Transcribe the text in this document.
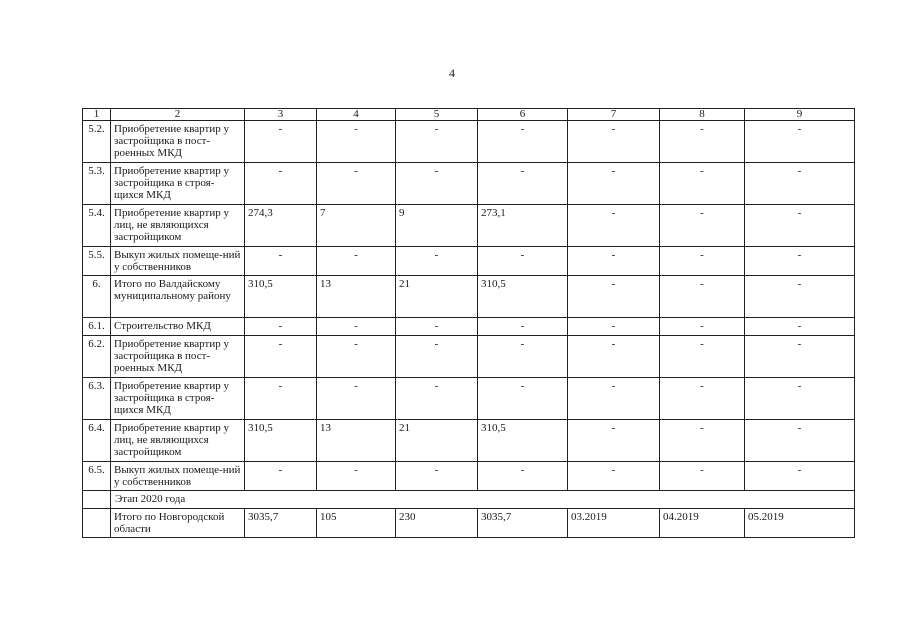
4
1	2	3	4	5	6	7	8	9
5.2.	Приобретение квартир у застройщика в пост-роенных МКД	-	-	-	-	-	-	-
5.3.	Приобретение квартир у застройщика в строя-щихся МКД	-	-	-	-	-	-	-
5.4.	Приобретение квартир у лиц, не являющихся застройщиком	274,3	7	9	273,1	-	-	-
5.5.	Выкуп жилых помеще-ний у собственников	-	-	-	-	-	-	-
6.	Итого по Валдайскому муниципальному району	310,5	13	21	310,5	-	-	-
6.1.	Строительство МКД	-	-	-	-	-	-	-
6.2.	Приобретение квартир у застройщика в пост-роенных МКД	-	-	-	-	-	-	-
6.3.	Приобретение квартир у застройщика в строя-щихся МКД	-	-	-	-	-	-	-
6.4.	Приобретение квартир у лиц, не являющихся застройщиком	310,5	13	21	310,5	-	-	-
6.5.	Выкуп жилых помеще-ний у собственников	-	-	-	-	-	-	-
	Этап 2020 года							
	Итого по Новгородской области	3035,7	105	230	3035,7	03.2019	04.2019	05.2019
